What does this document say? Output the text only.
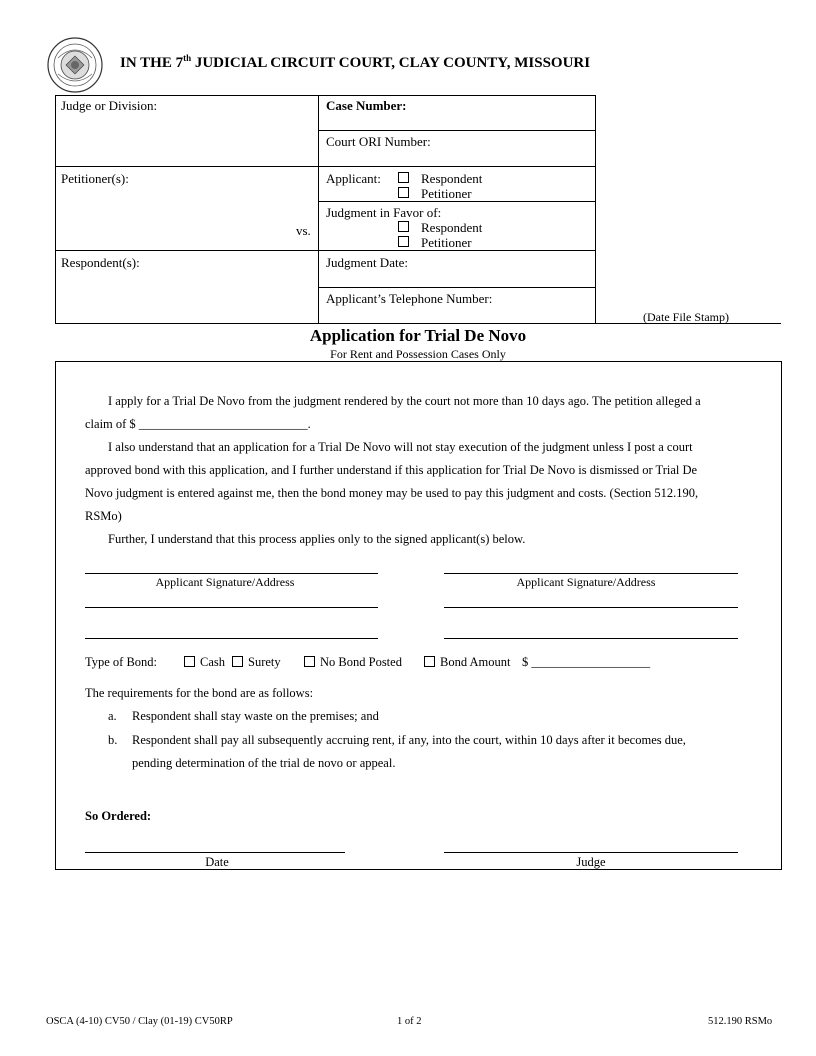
IN THE 7th JUDICIAL CIRCUIT COURT, CLAY COUNTY, MISSOURI
Judge or Division:	Case Number:
Court ORI Number:
Petitioner(s):	Applicant:	Respondent
Petitioner
Judgment in Favor of:
Respondent
Petitioner
vs.
Respondent(s):	Judgment Date:
Applicant’s Telephone Number:
(Date File Stamp)
Application for Trial De Novo
For Rent and Possession Cases Only
I apply for a Trial De Novo from the judgment rendered by the court not more than 10 days ago. The petition alleged a
claim of $ ___________________________.
I also understand that an application for a Trial De Novo will not stay execution of the judgment unless I post a court
approved bond with this application, and I further understand if this application for Trial De Novo is dismissed or Trial De
Novo judgment is entered against me, then the bond money may be used to pay this judgment and costs. (Section 512.190,
RSMo)
Further, I understand that this process applies only to the signed applicant(s) below.
Applicant Signature/Address	Applicant Signature/Address
Type of Bond:	Cash Surety	No Bond Posted	Bond Amount $ ___________________
The requirements for the bond are as follows:
a. Respondent shall stay waste on the premises; and
b. Respondent shall pay all subsequently accruing rent, if any, into the court, within 10 days after it becomes due,
pending determination of the trial de novo or appeal.
So Ordered:
Date	Judge
OSCA (4-10) CV50 / Clay (01-19) CV50RP	1 of 2	512.190 RSMo
